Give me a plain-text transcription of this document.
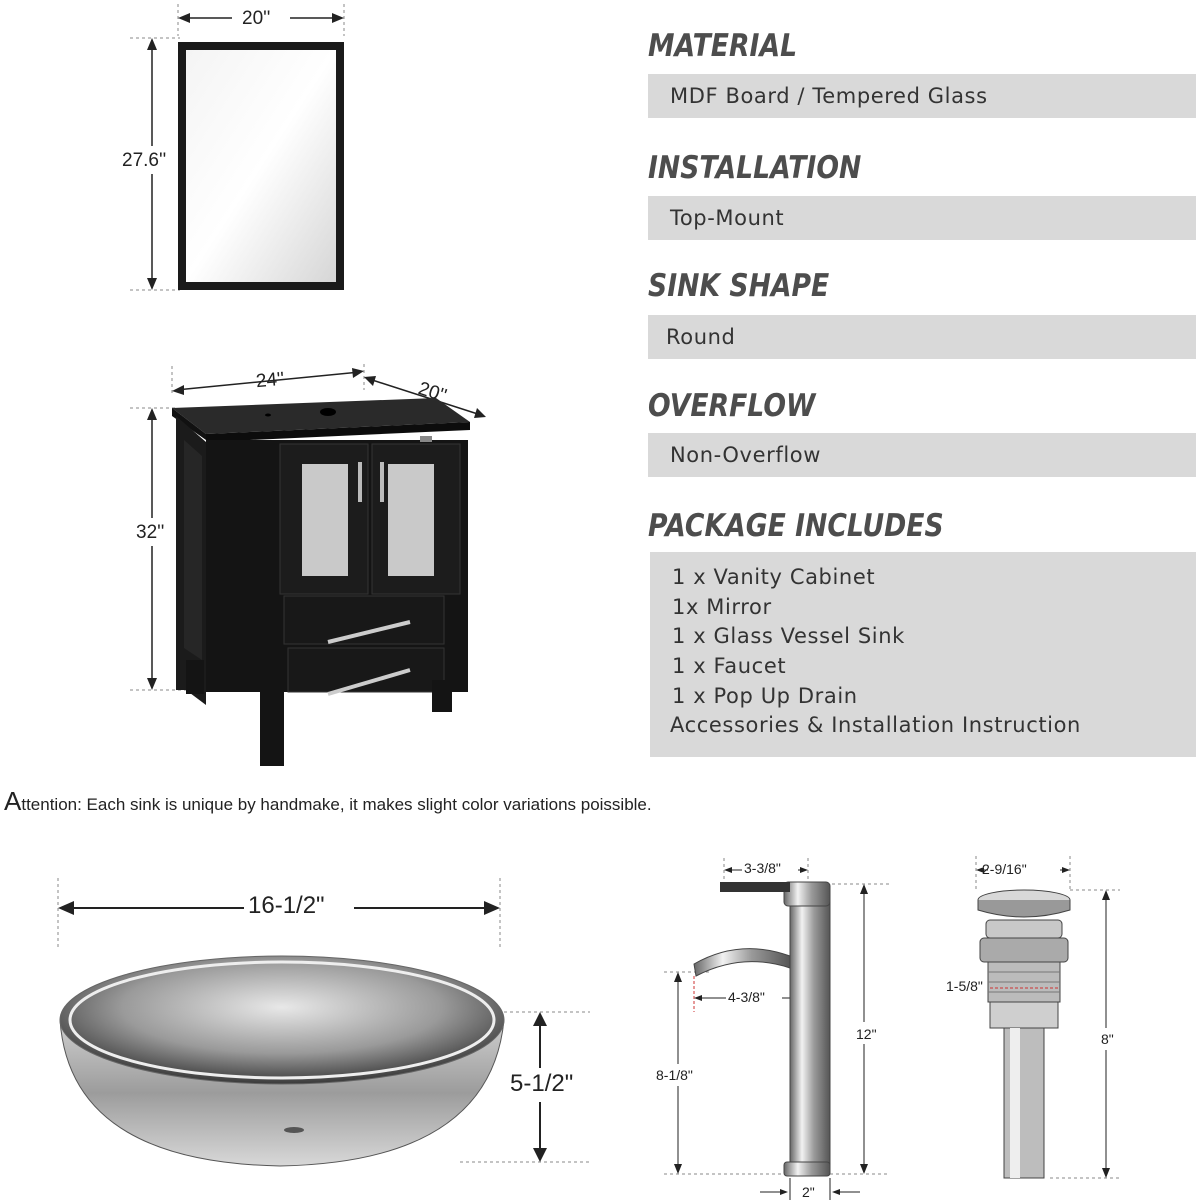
20''
27.6''
24''	20''
32''
MATERIAL
MDF Board / Tempered Glass
INSTALLATION
Top-Mount
SINK SHAPE
Round
OVERFLOW
Non-Overflow
PACKAGE INCLUDES
1 x Vanity Cabinet
1x Mirror
1 x Glass Vessel Sink
1 x Faucet
1 x Pop Up Drain
Accessories & Installation Instruction
Attention: Each sink is unique by handmake, it makes slight color variations poissible.
16-1/2"
5-1/2"
3-3/8"
4-3/8"
12"
8-1/8"
2"
2-9/16"
1-5/8"
8"
